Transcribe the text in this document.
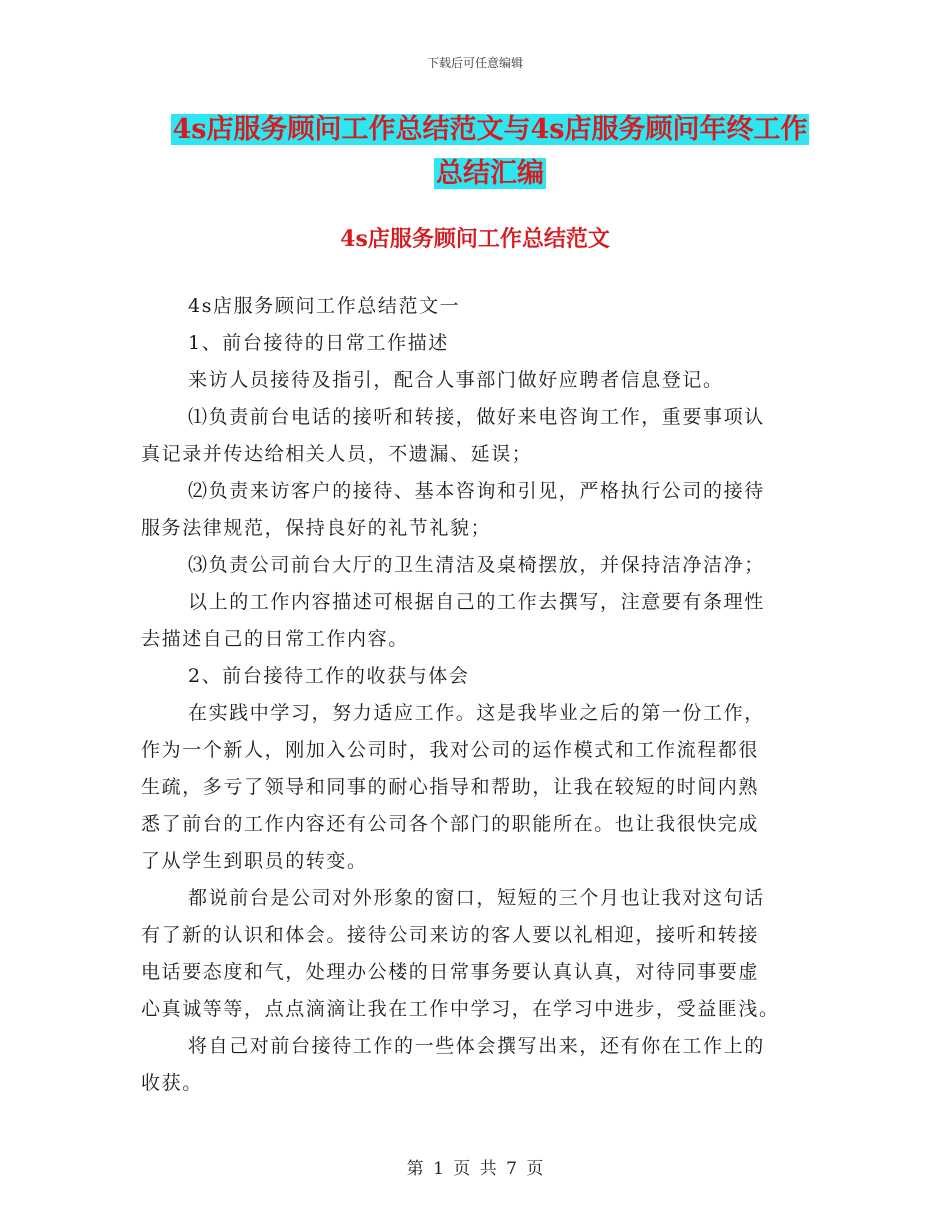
下载后可任意编辑
4s店服务顾问工作总结范文与4s店服务顾问年终工作
总结汇编
4s店服务顾问工作总结范文

4s店服务顾问工作总结范文一

1、前台接待的日常工作描述

来访人员接待及指引，配合人事部门做好应聘者信息登记。

⑴负责前台电话的接听和转接，做好来电咨询工作，重要事项认

真记录并传达给相关人员，不遗漏、延误；

⑵负责来访客户的接待、基本咨询和引见，严格执行公司的接待

服务法律规范，保持良好的礼节礼貌；

⑶负责公司前台大厅的卫生清洁及桌椅摆放，并保持洁净洁净；

以上的工作内容描述可根据自己的工作去撰写，注意要有条理性

去描述自己的日常工作内容。

2、前台接待工作的收获与体会

在实践中学习，努力适应工作。这是我毕业之后的第一份工作，

作为一个新人，刚加入公司时，我对公司的运作模式和工作流程都很

生疏，多亏了领导和同事的耐心指导和帮助，让我在较短的时间内熟

悉了前台的工作内容还有公司各个部门的职能所在。也让我很快完成

了从学生到职员的转变。

都说前台是公司对外形象的窗口，短短的三个月也让我对这句话

有了新的认识和体会。接待公司来访的客人要以礼相迎，接听和转接

电话要态度和气，处理办公楼的日常事务要认真认真，对待同事要虚

心真诚等等，点点滴滴让我在工作中学习，在学习中进步，受益匪浅。

将自己对前台接待工作的一些体会撰写出来，还有你在工作上的

收获。

第 1 页 共 7 页
